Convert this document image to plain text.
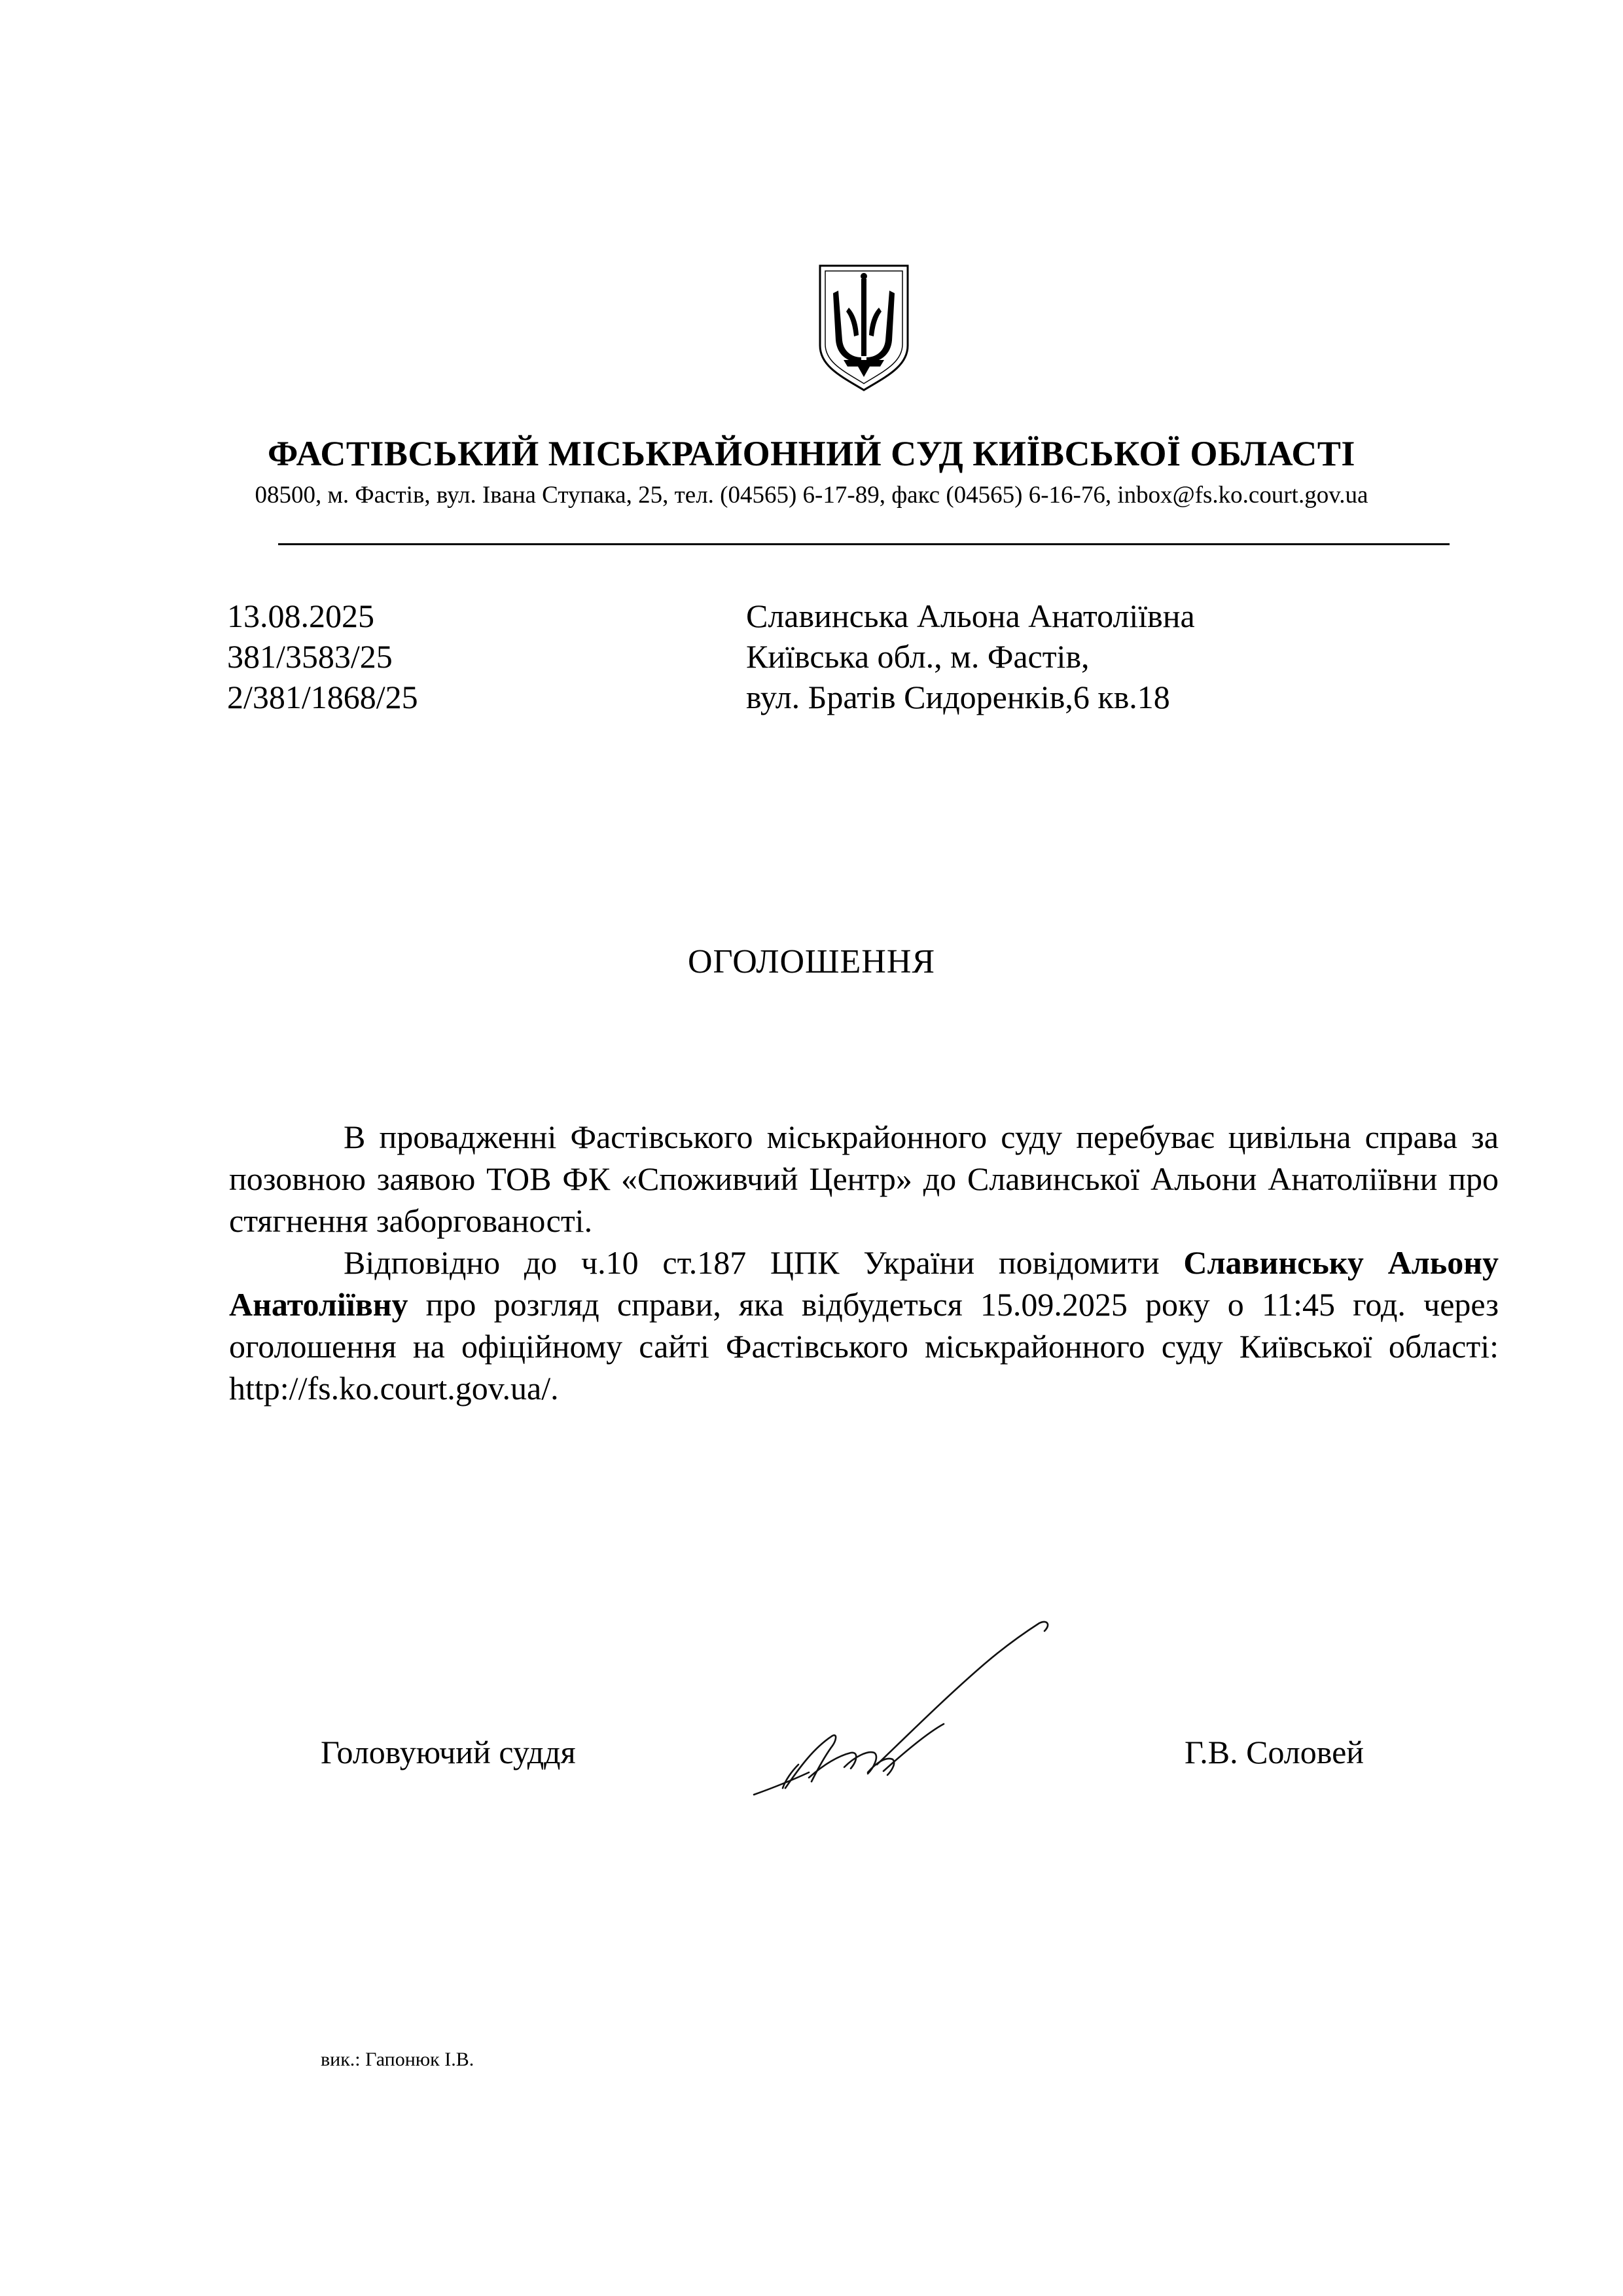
ФАСТІВСЬКИЙ МІСЬКРАЙОННИЙ СУД КИЇВСЬКОЇ ОБЛАСТІ
08500, м. Фастів, вул. Івана Ступака, 25, тел. (04565) 6-17-89, факс (04565) 6-16-76, inbox@fs.ko.court.gov.ua
13.08.2025
381/3583/25
2/381/1868/25
Славинська Альона Анатоліївна
Київська обл., м. Фастів,
вул. Братів Сидоренків,6 кв.18
ОГОЛОШЕННЯ

В провадженні Фастівського міськрайонного суду перебуває цивільна справа за позовною заявою ТОВ ФК «Споживчий Центр» до Славинської Альони Анатоліївни про стягнення заборгованості.

Відповідно до ч.10 ст.187 ЦПК України повідомити Славинську Альону Анатоліївну про розгляд справи, яка відбудеться 15.09.2025 року о 11:45 год. через оголошення на офіційному сайті Фастівського міськрайонного суду Київської області: http://fs.ko.court.gov.ua/.

Головуючий суддя	Г.В. Соловей
вик.: Гапонюк І.В.
